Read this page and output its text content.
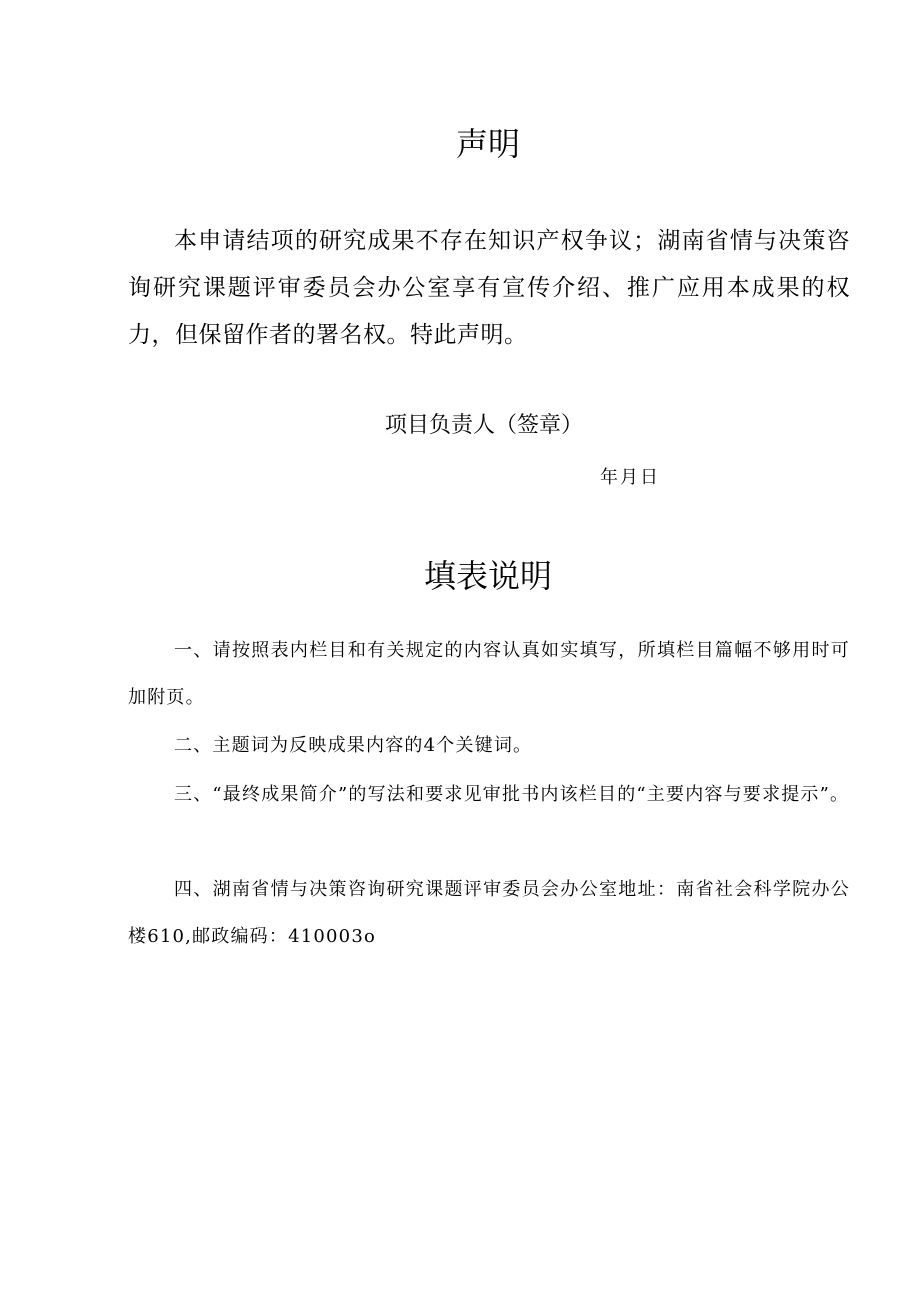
声明

本申请结项的研究成果不存在知识产权争议；湖南省情与决策咨询研究课题评审委员会办公室享有宣传介绍、推广应用本成果的权力，但保留作者的署名权。特此声明。

项目负责人（签章）

年月日

填表说明

一、请按照表内栏目和有关规定的内容认真如实填写，所填栏目篇幅不够用时可加附页。

二、主题词为反映成果内容的4个关键词。

三、“最终成果简介”的写法和要求见审批书内该栏目的“主要内容与要求提示”。

四、湖南省情与决策咨询研究课题评审委员会办公室地址：南省社会科学院办公楼610,邮政编码：410003o
